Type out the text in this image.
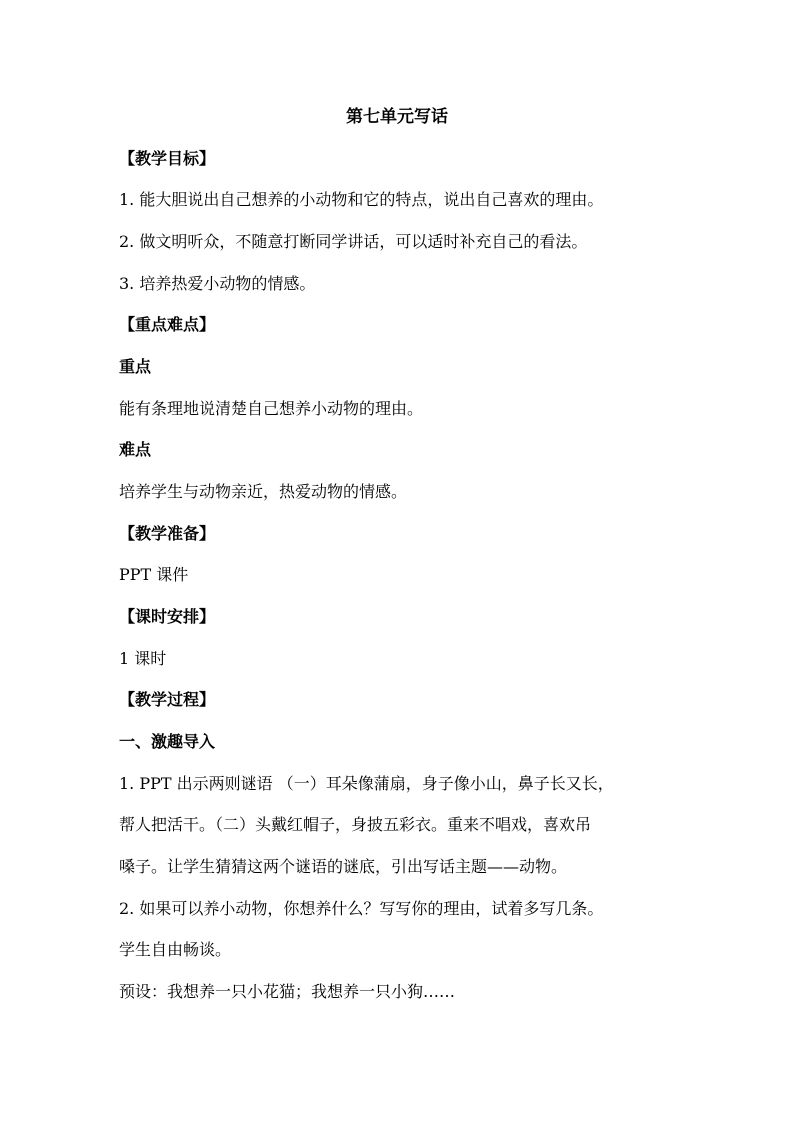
第七单元写话
【教学目标】
1. 能大胆说出自己想养的小动物和它的特点，说出自己喜欢的理由。
2. 做文明听众，不随意打断同学讲话，可以适时补充自己的看法。
3. 培养热爱小动物的情感。
【重点难点】
重点
能有条理地说清楚自己想养小动物的理由。
难点
培养学生与动物亲近，热爱动物的情感。
【教学准备】
PPT 课件
【课时安排】
1 课时
【教学过程】
一、激趣导入
1. PPT 出示两则谜语 （一）耳朵像蒲扇，身子像小山，鼻子长又长，
帮人把活干。（二）头戴红帽子，身披五彩衣。重来不唱戏，喜欢吊
嗓子。让学生猜猜这两个谜语的谜底，引出写话主题——动物。
2. 如果可以养小动物，你想养什么？写写你的理由，试着多写几条。
学生自由畅谈。
预设：我想养一只小花猫；我想养一只小狗……
